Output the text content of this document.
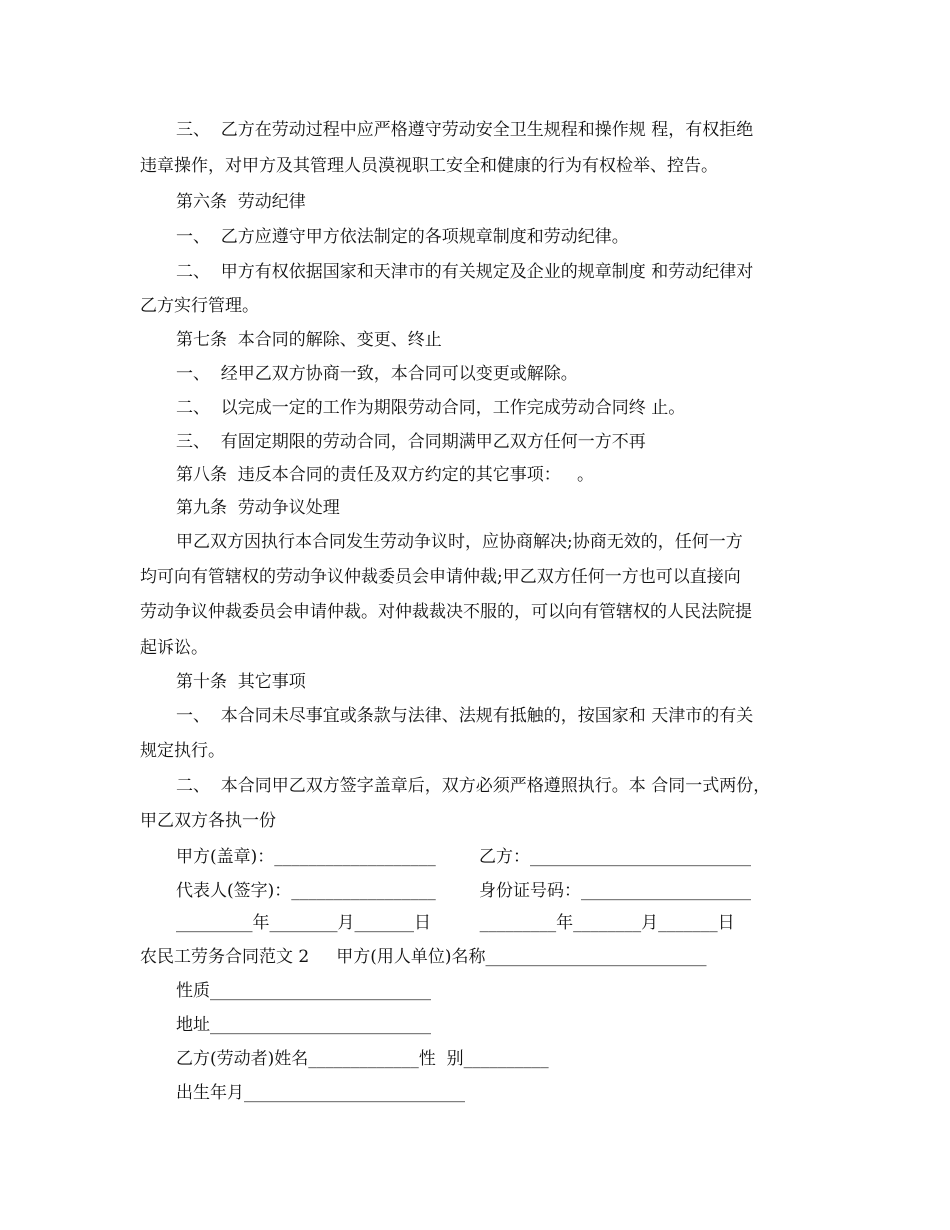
三、  乙方在劳动过程中应严格遵守劳动安全卫生规程和操作规 程，有权拒绝
违章操作，对甲方及其管理人员漠视职工安全和健康的行为有权检举、控告。
第六条  劳动纪律
一、  乙方应遵守甲方依法制定的各项规章制度和劳动纪律。
二、  甲方有权依据国家和天津市的有关规定及企业的规章制度 和劳动纪律对
乙方实行管理。
第七条  本合同的解除、变更、终止
一、  经甲乙双方协商一致，本合同可以变更或解除。
二、  以完成一定的工作为期限劳动合同，工作完成劳动合同终 止。
三、  有固定期限的劳动合同，合同期满甲乙双方任何一方不再
第八条  违反本合同的责任及双方约定的其它事项：   。
第九条  劳动争议处理
甲乙双方因执行本合同发生劳动争议时，应协商解决;协商无效的，任何一方
均可向有管辖权的劳动争议仲裁委员会申请仲裁;甲乙双方任何一方也可以直接向
劳动争议仲裁委员会申请仲裁。对仲裁裁决不服的，可以向有管辖权的人民法院提
起诉讼。
第十条  其它事项
一、  本合同未尽事宜或条款与法律、法规有抵触的，按国家和 天津市的有关
规定执行。
二、  本合同甲乙双方签字盖章后，双方必须严格遵照执行。本 合同一式两份，
甲乙双方各执一份
甲方(盖章)：___________________        乙方：__________________________
代表人(签字)：_________________        身份证号码：____________________
_________年________月_______日         _________年________月_______日
农民工劳务合同范文 2     甲方(用人单位)名称__________________________
性质__________________________
地址__________________________
乙方(劳动者)姓名_____________性  别__________
出生年月__________________________
